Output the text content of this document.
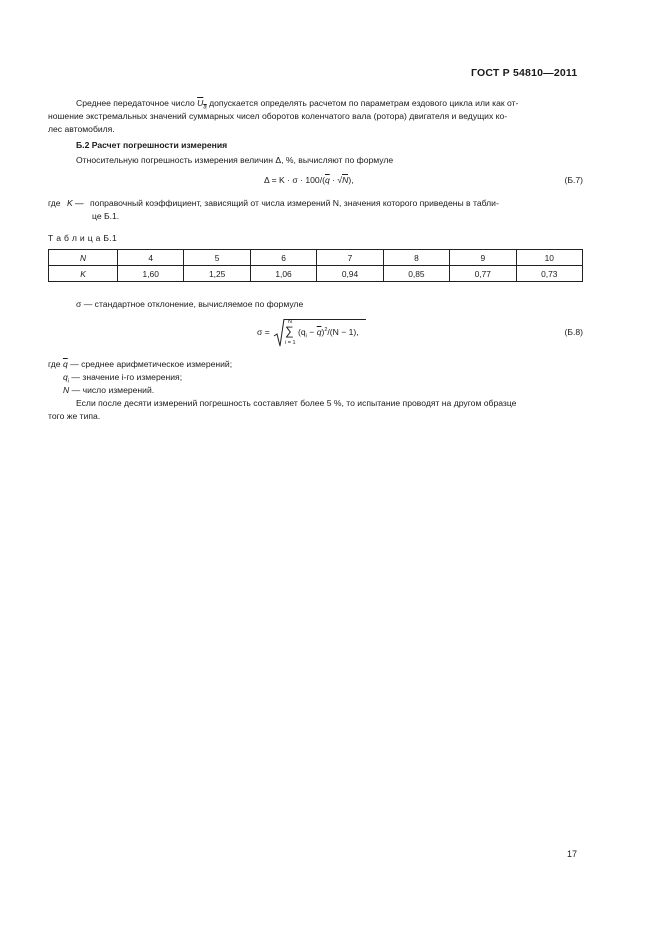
ГОСТ Р 54810—2011
Среднее передаточное число $U_a$ допускается определять расчетом по параметрам ездового цикла или как от-
ношение экстремальных значений суммарных чисел оборотов коленчатого вала (ротора) двигателя и ведущих ко-
лес автомобиля.
Б.2 Расчет погрешности измерения
Относительную погрешность измерения величин Δ, %, вычисляют по формуле
$\Delta = K \cdot \sigma \cdot 100/(\overline{q} \cdot √N)$,	(Б.7)
где K — поправочный коэффициент, зависящий от числа измерений N, значения которого приведены в табли-
це Б.1.
Т а б л и ц а Б.1
N	4	5	6	7	8	9	10
K	1,60	1,25	1,06	0,94	0,85	0,77	0,73
σ — стандартное отклонение, вычисляемое по формуле
σ =
N
∑
i = 1
$(q_i - \overline{q})^2/(N - 1)$,	(Б.8)
где $\overline{q}$ — среднее арифметическое измерений;
$q_i$ — значение i-го измерения;
N — число измерений.
Если после десяти измерений погрешность составляет более 5 %, то испытание проводят на другом образце
того же типа.
17
